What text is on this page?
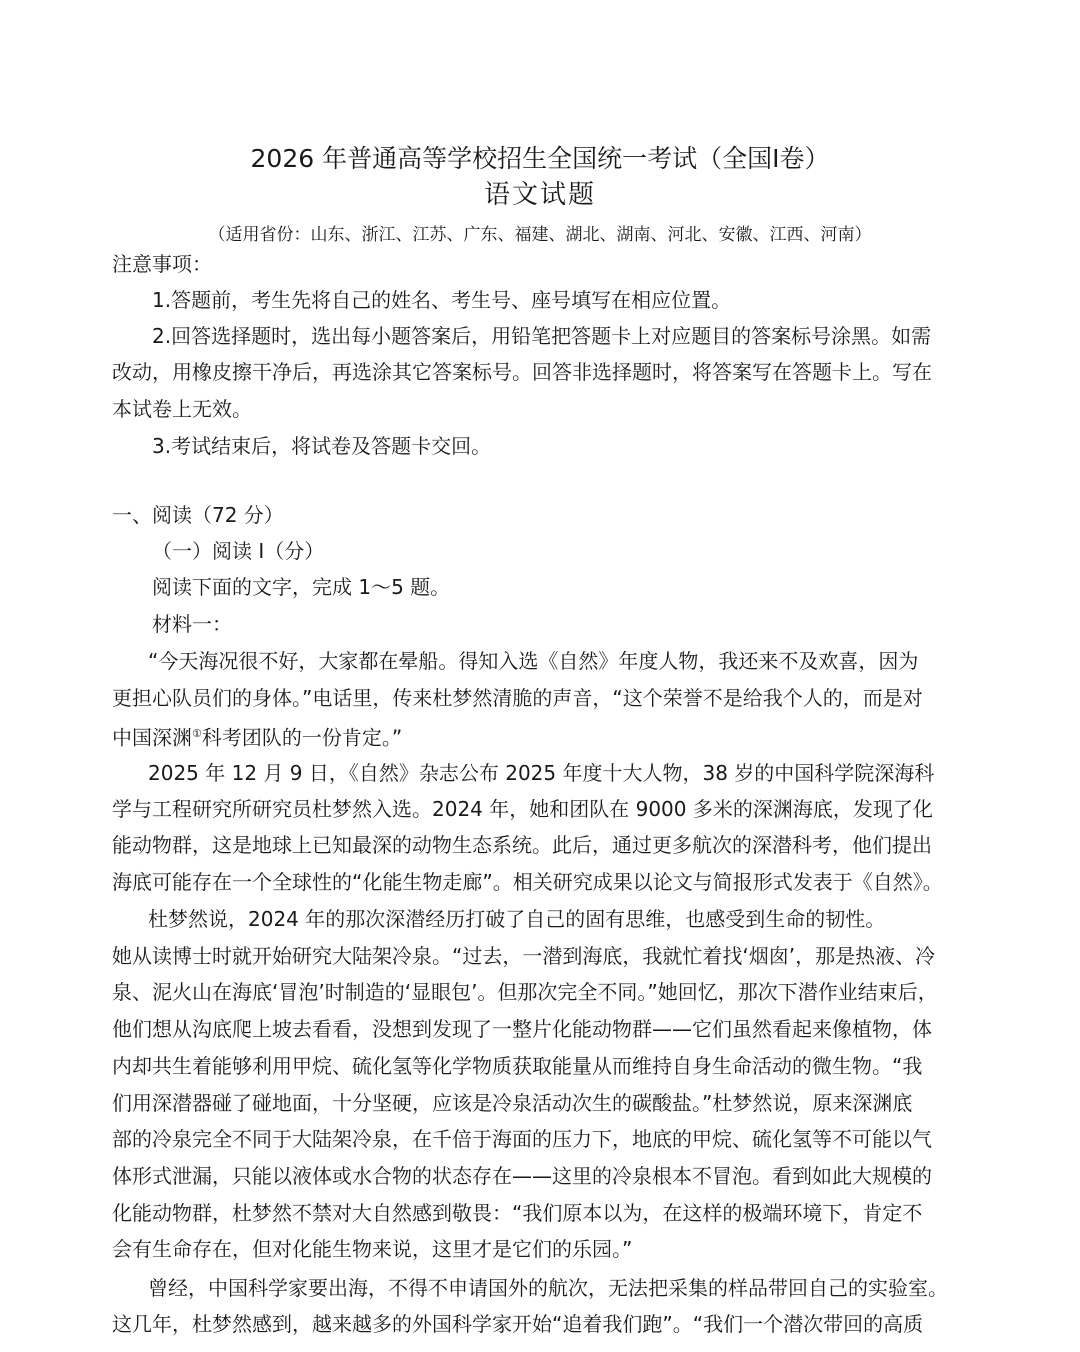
2026 年普通高等学校招生全国统一考试（全国I卷）
语文试题
（适用省份：山东、浙江、江苏、广东、福建、湖北、湖南、河北、安徽、江西、河南）
注意事项：
1.答题前，考生先将自己的姓名、考生号、座号填写在相应位置。
2.回答选择题时，选出每小题答案后，用铅笔把答题卡上对应题目的答案标号涂黑。如需
改动，用橡皮擦干净后，再选涂其它答案标号。回答非选择题时，将答案写在答题卡上。写在
本试卷上无效。
3.考试结束后，将试卷及答题卡交回。
一、阅读（72 分）
（一）阅读 I（分）
阅读下面的文字，完成 1～5 题。
材料一：
“今天海况很不好，大家都在晕船。得知入选《自然》年度人物，我还来不及欢喜，因为
更担心队员们的身体。”电话里，传来杜梦然清脆的声音，“这个荣誉不是给我个人的，而是对
中国深渊①科考团队的一份肯定。”
2025 年 12 月 9 日，《自然》杂志公布 2025 年度十大人物，38 岁的中国科学院深海科
学与工程研究所研究员杜梦然入选。2024 年，她和团队在 9000 多米的深渊海底，发现了化
能动物群，这是地球上已知最深的动物生态系统。此后，通过更多航次的深潜科考，他们提出
海底可能存在一个全球性的“化能生物走廊”。相关研究成果以论文与简报形式发表于《自然》。
杜梦然说，2024 年的那次深潜经历打破了自己的固有思维，也感受到生命的韧性。
她从读博士时就开始研究大陆架冷泉。“过去，一潜到海底，我就忙着找‘烟囱’，那是热液、冷
泉、泥火山在海底‘冒泡’时制造的‘显眼包’。但那次完全不同。”她回忆，那次下潜作业结束后，
他们想从沟底爬上坡去看看，没想到发现了一整片化能动物群——它们虽然看起来像植物，体
内却共生着能够利用甲烷、硫化氢等化学物质获取能量从而维持自身生命活动的微生物。“我
们用深潜器碰了碰地面，十分坚硬，应该是冷泉活动次生的碳酸盐。”杜梦然说，原来深渊底
部的冷泉完全不同于大陆架冷泉，在千倍于海面的压力下，地底的甲烷、硫化氢等不可能以气
体形式泄漏，只能以液体或水合物的状态存在——这里的冷泉根本不冒泡。看到如此大规模的
化能动物群，杜梦然不禁对大自然感到敬畏：“我们原本以为，在这样的极端环境下，肯定不
会有生命存在，但对化能生物来说，这里才是它们的乐园。”
曾经，中国科学家要出海，不得不申请国外的航次，无法把采集的样品带回自己的实验室。
这几年，杜梦然感到，越来越多的外国科学家开始“追着我们跑”。“我们一个潜次带回的高质
